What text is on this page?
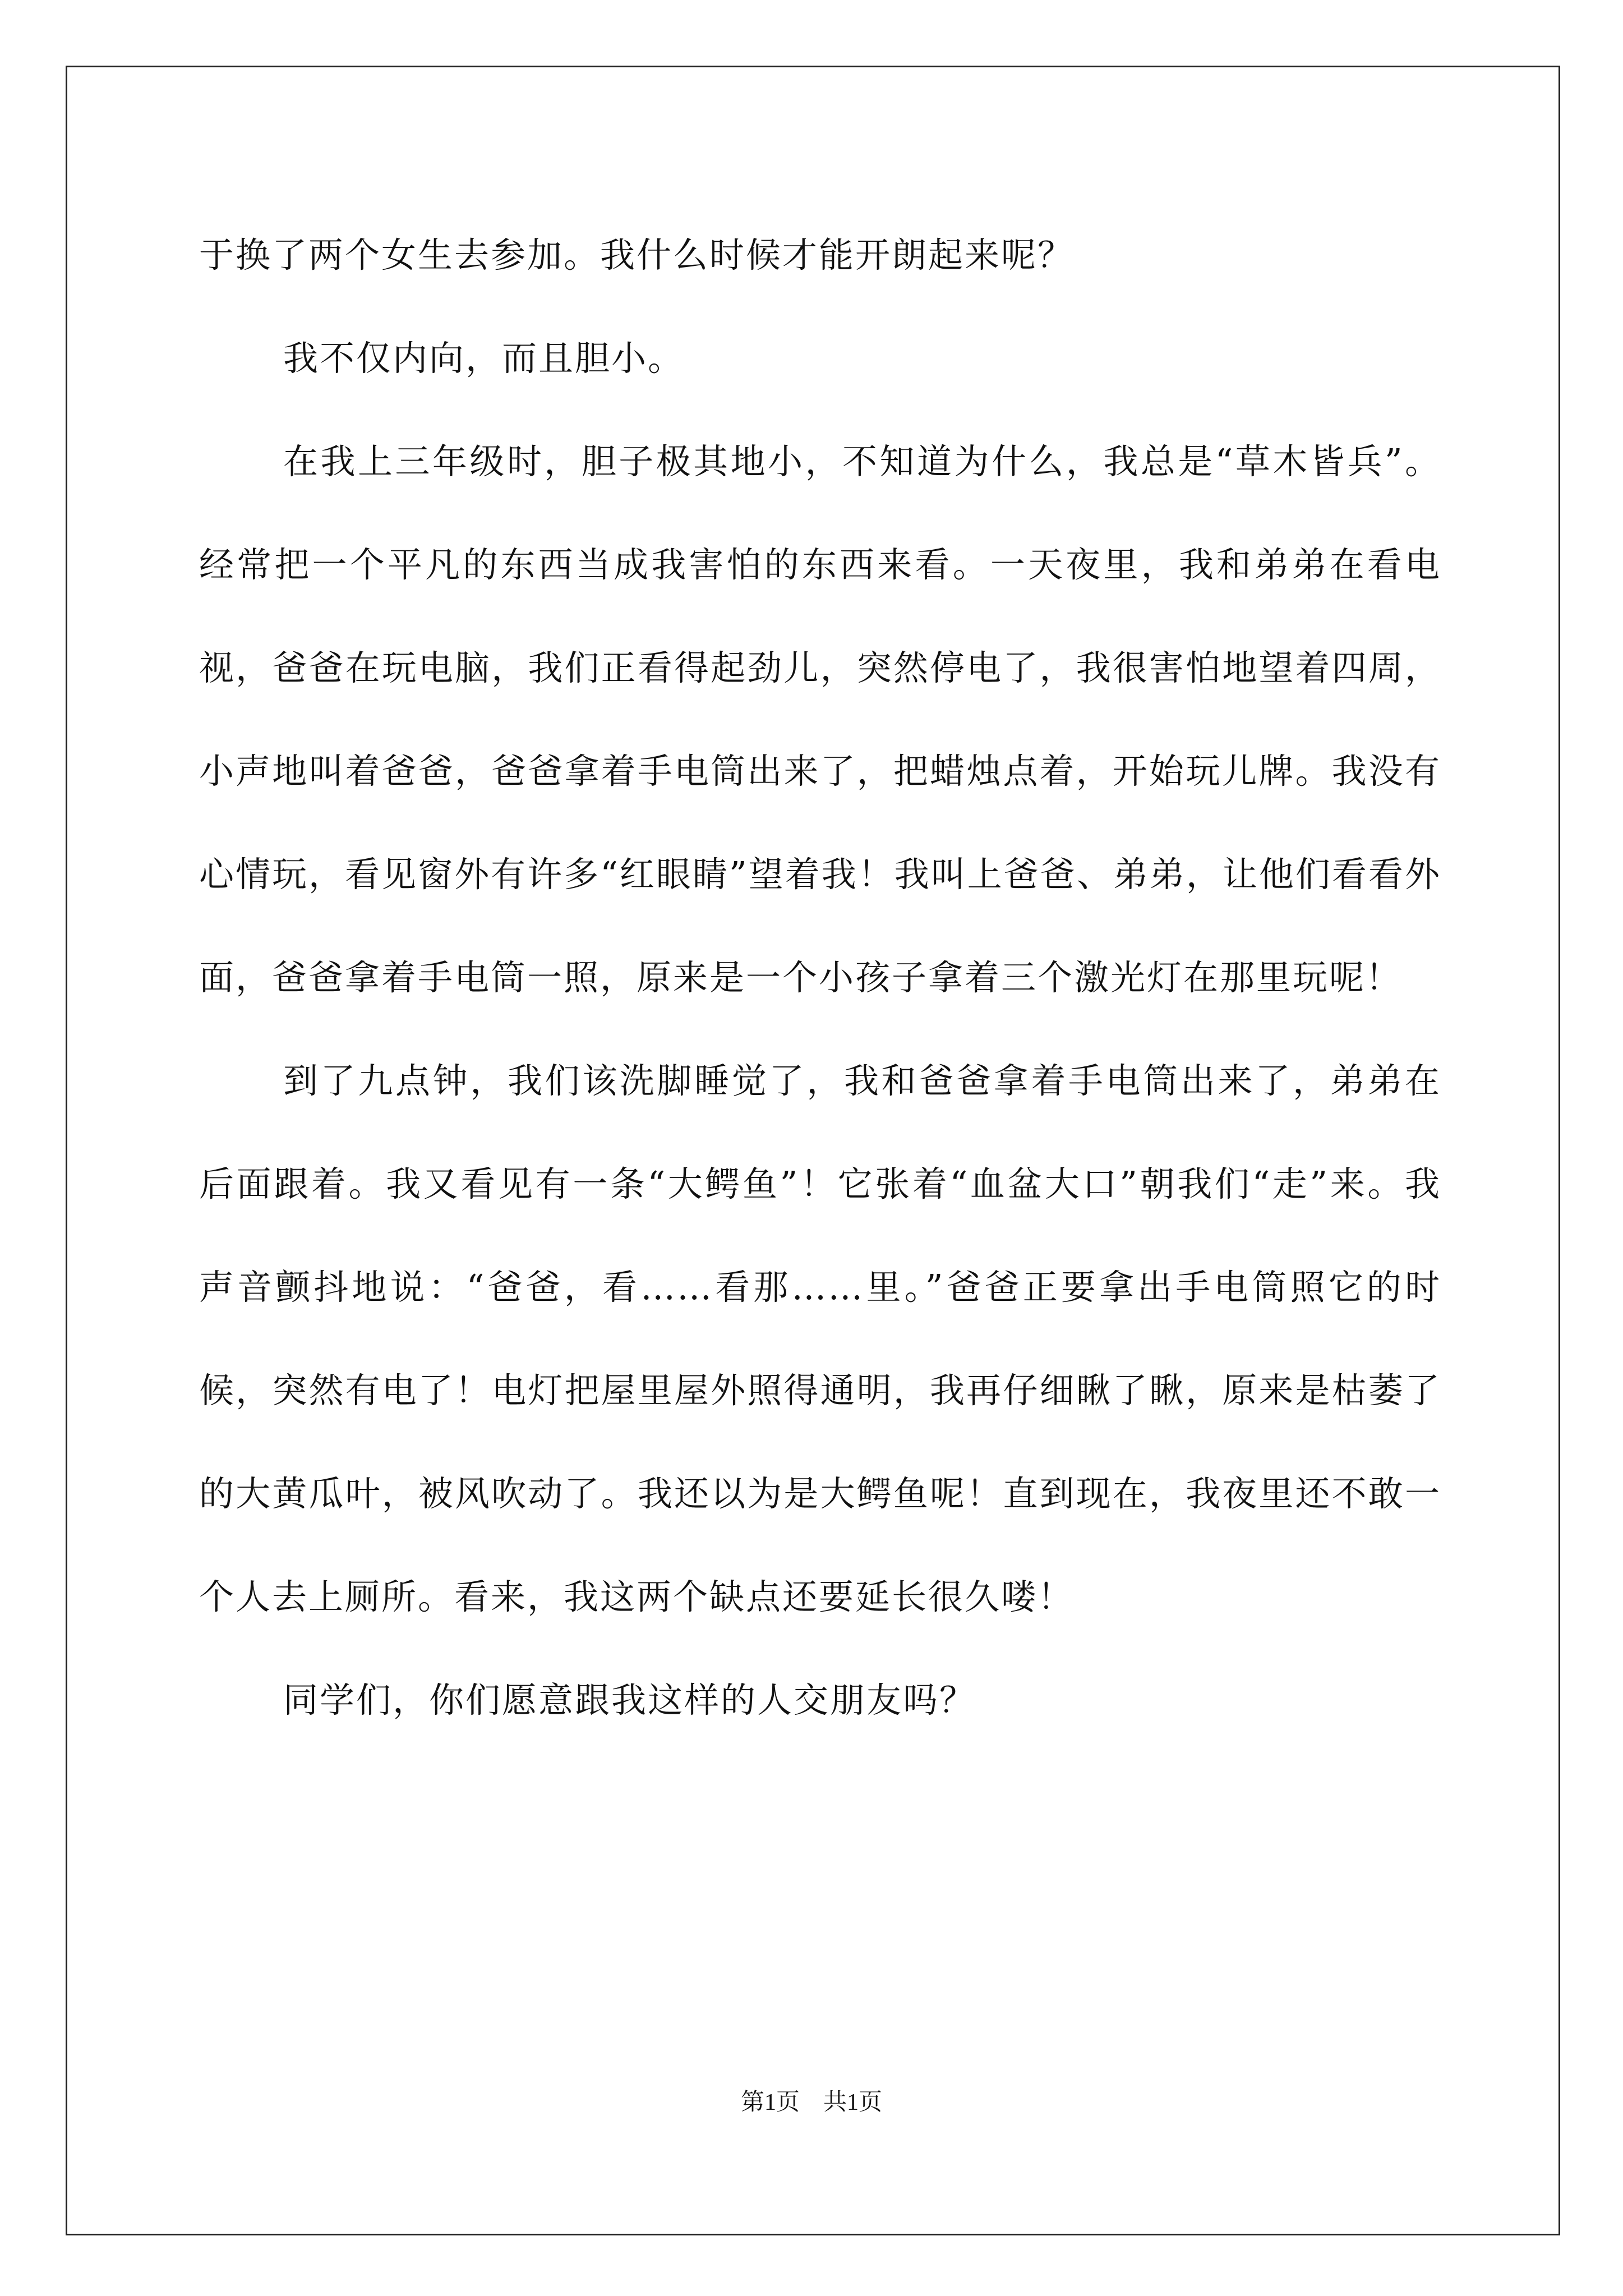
于换了两个女生去参加。我什么时候才能开朗起来呢？

我不仅内向，而且胆小。

在我上三年级时，胆子极其地小，不知道为什么，我总是“草木皆兵”。经常把一个平凡的东西当成我害怕的东西来看。一天夜里，我和弟弟在看电视，爸爸在玩电脑，我们正看得起劲儿，突然停电了，我很害怕地望着四周，小声地叫着爸爸，爸爸拿着手电筒出来了，把蜡烛点着，开始玩儿牌。我没有心情玩，看见窗外有许多“红眼睛”望着我！我叫上爸爸、弟弟，让他们看看外面，爸爸拿着手电筒一照，原来是一个小孩子拿着三个激光灯在那里玩呢！

到了九点钟，我们该洗脚睡觉了，我和爸爸拿着手电筒出来了，弟弟在后面跟着。我又看见有一条“大鳄鱼”！它张着“血盆大口”朝我们“走”来。我声音颤抖地说：“爸爸，看……看那……里。”爸爸正要拿出手电筒照它的时候，突然有电了！电灯把屋里屋外照得通明，我再仔细瞅了瞅，原来是枯萎了的大黄瓜叶，被风吹动了。我还以为是大鳄鱼呢！直到现在，我夜里还不敢一个人去上厕所。看来，我这两个缺点还要延长很久喽！

同学们，你们愿意跟我这样的人交朋友吗？

第1页　共1页
